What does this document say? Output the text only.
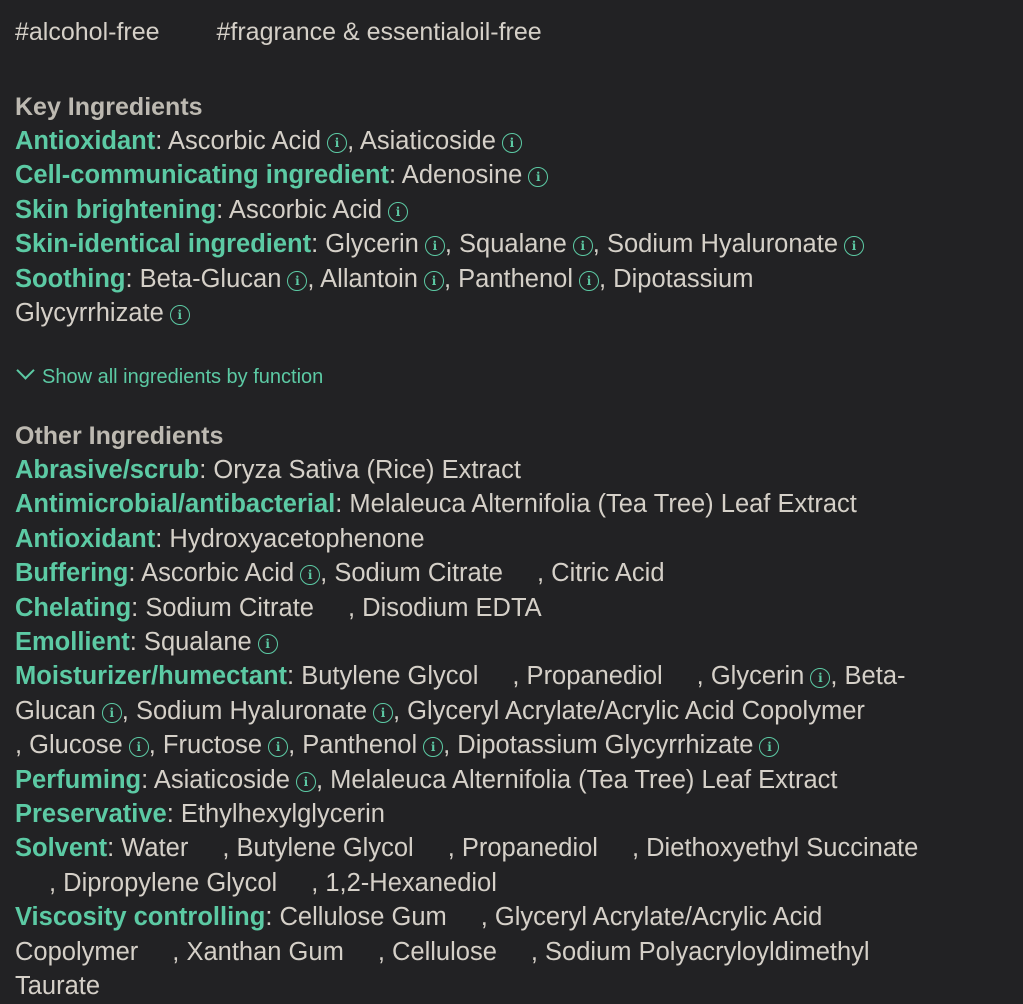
#alcohol-free #fragrance & essentialoil-free
Key Ingredients
Antioxidant: Ascorbic Acid i , Asiaticoside i
Cell-communicating ingredient: Adenosine i
Skin brightening: Ascorbic Acid i
Skin-identical ingredient: Glycerin i , Squalane i , Sodium Hyaluronate i
Soothing: Beta-Glucan i , Allantoin i , Panthenol i , Dipotassium
Glycyrrhizate i
Show all ingredients by function
Other Ingredients
Abrasive/scrub: Oryza Sativa (Rice) Extract
Antimicrobial/antibacterial: Melaleuca Alternifolia (Tea Tree) Leaf Extract
Antioxidant: Hydroxyacetophenone
Buffering: Ascorbic Acid i , Sodium Citrate , Citric Acid
Chelating: Sodium Citrate , Disodium EDTA
Emollient: Squalane i
Moisturizer/humectant: Butylene Glycol , Propanediol , Glycerin i , Beta-
Glucan i , Sodium Hyaluronate i , Glyceryl Acrylate/Acrylic Acid Copolymer
, Glucose i , Fructose i , Panthenol i , Dipotassium Glycyrrhizate i
Perfuming: Asiaticoside i , Melaleuca Alternifolia (Tea Tree) Leaf Extract
Preservative: Ethylhexylglycerin
Solvent: Water , Butylene Glycol , Propanediol , Diethoxyethyl Succinate
, Dipropylene Glycol , 1,2-Hexanediol
Viscosity controlling: Cellulose Gum , Glyceryl Acrylate/Acrylic Acid
Copolymer , Xanthan Gum , Cellulose , Sodium Polyacryloyldimethyl
Taurate
